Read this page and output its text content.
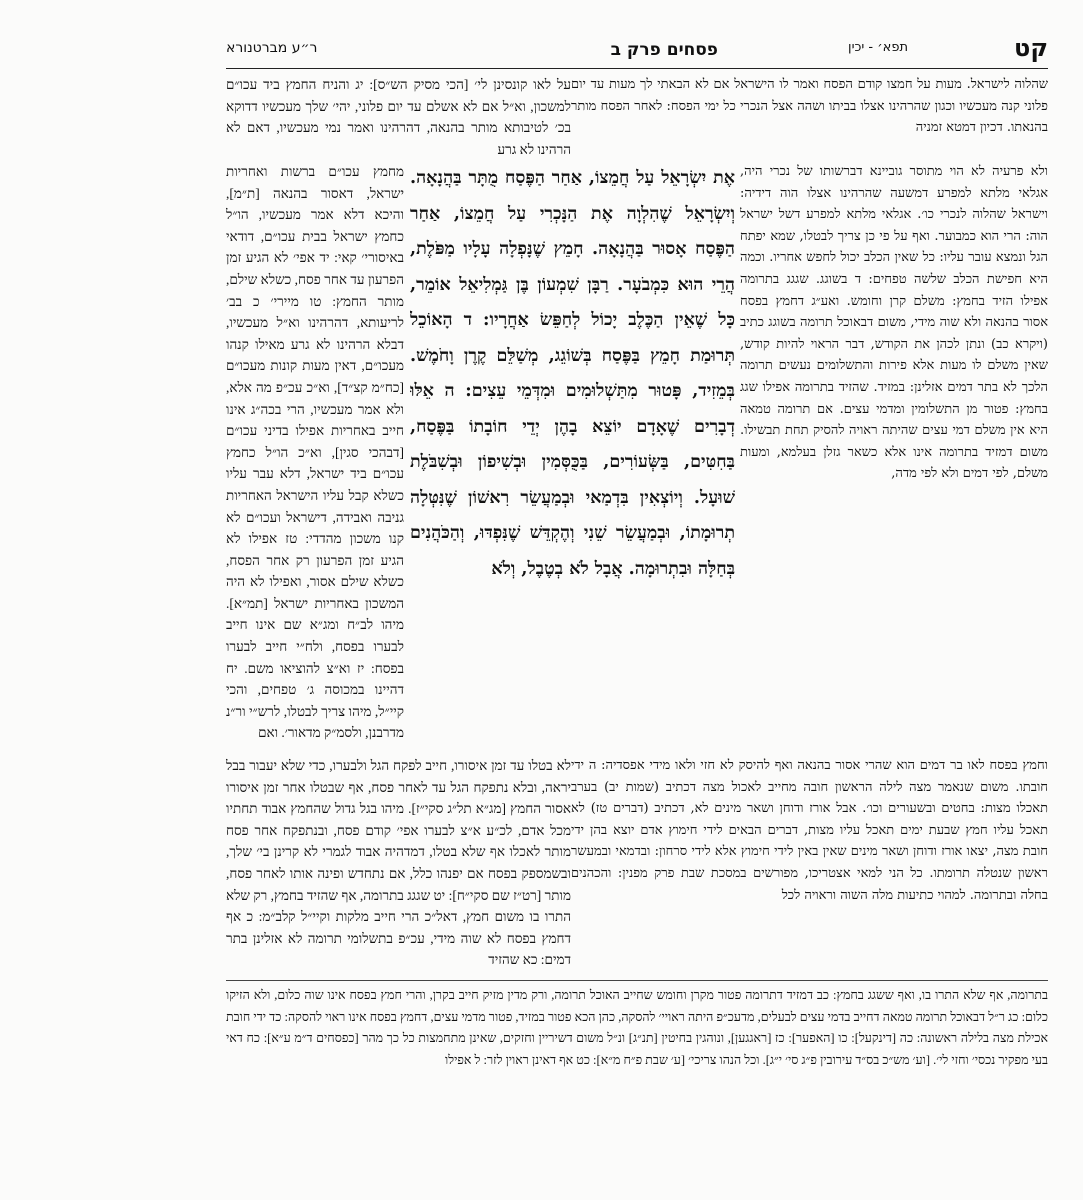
קט
תפא׳ - יכין
פסחים פרק ב
ר״ע מברטנורא
שהלוה לישראל. מעות על חמצו קודם הפסח ואמר לו הישראל אם לא הבאתי לך מעות עד יום פלוני קנה מעכשיו וכגון שהרהינו אצלו בביתו ושהה אצל הנכרי כל ימי הפסח: לאחר הפסח מותר בהנאתו. דכיון דמטא זמניה
על לאו קונסינן לי׳ [הכי מסיק הש״ס]: יג והניח החמץ ביד עכו״ם למשכון, וא״ל אם לא אשלם עד יום פלוני, יהי׳ שלך מעכשיו דדוקא בכ׳ לטיבותא מותר בהנאה, דהרהינו ואמר נמי מעכשיו, דאם לא הרהינו לא גרע
ולא פרעיה לא הוי מתוסר גוביינא דברשותו של נכרי היה, אגלאי מלתא למפרע דמשעה שהרהינו אצלו הוה דידיה: וישראל שהלוה לנכרי כו׳. אגלאי מלתא למפרע דשל ישראל הוה: הרי הוא כמבוער. ואף על פי כן צריך לבטלו, שמא יפתח הגל ונמצא עובר עליו: כל שאין הכלב יכול לחפש אחריו. וכמה היא חפישת הכלב שלשה טפחים: ד בשוגג. שגגג בתרומה אפילו הזיד בחמץ: משלם קרן וחומש. ואע״ג דחמץ בפסח אסור בהנאה ולא שוה מידי, משום דבאוכל תרומה בשוגג כתיב (ויקרא כב) ונתן לכהן את הקודש, דבר הראוי להיות קודש, שאין משלם לו מעות אלא פירות והתשלומים נעשים תרומה הלכך לא בתר דמים אזלינן: במזיד. שהזיד בתרומה אפילו שגג בחמץ: פטור מן התשלומין ומדמי עצים. אם תרומה טמאה היא אין משלם דמי עצים שהיתה ראויה להסיק תחת תבשילו. משום דמזיד בתרומה אינו אלא כשאר גזלן בעלמא, ומעות משלם, לפי דמים ולא לפי מדה,
אֶת יִשְׂרָאֵל עַל חֲמֵצוֹ, אַחַר הַפֶּסַח מֻתָּר בַּהֲנָאָה. וְיִשְׂרָאֵל שֶׁהִלְוָה אֶת הַנָּכְרִי עַל חֲמֵצוֹ, אַחַר הַפֶּסַח אָסוּר בַּהֲנָאָה. חָמֵץ שֶׁנָּפְלָה עָלָיו מַפֹּלֶת, הֲרֵי הוּא כִּמְבֹעָר. רַבָּן שִׁמְעוֹן בֶּן גַּמְלִיאֵל אוֹמֵר, כָּל שֶׁאֵין הַכֶּלֶב יָכוֹל לְחַפֵּשׂ אַחֲרָיו: ד הָאוֹכֵל תְּרוּמַת חָמֵץ בַּפֶּסַח בְּשׁוֹגֵג, מְשַׁלֵּם קֶרֶן וָחֹמֶשׁ. בְּמֵזִיד, פָּטוּר מִתַּשְׁלוּמִים וּמִדְּמֵי עֵצִים: ה אֵלּוּ דְבָרִים שֶׁאָדָם יוֹצֵא בָהֶן יְדֵי חוֹבָתוֹ בַּפֶּסַח, בַּחִטִּים, בַּשְּׂעוֹרִים, בַּכֻּסְּמִין וּבְשִׁיפוֹן וּבְשִׁבֹּלֶת שׁוּעָל. וְיוֹצְאִין בִּדְמַאי וּבְמַעֲשֵׂר רִאשׁוֹן שֶׁנִּטְּלָה תְרוּמָתוֹ, וּבְמַעֲשֵׂר שֵׁנִי וְהֶקְדֵּשׁ שֶׁנִּפְדּוּ, וְהַכֹּהֲנִים בְּחַלָּה וּבִתְרוּמָה. אֲבָל לֹא בְטֶבֶל, וְלֹא
מחמץ עכו״ם ברשות ואחריות ישראל, דאסור בהנאה [ת״מ], והיכא דלא אמר מעכשיו, הו״ל כחמץ ישראל בבית עכו״ם, דודאי באיסורי׳ קאי: יד אפי׳ לא הגיע זמן הפרעון עד אחר פסח, כשלא שילם, מותר החמץ: טו מיירי׳ כ בב׳ לריעותא, דהרהינו וא״ל מעכשיו, דבלא הרהינו לא גרע מאילו קנהו מעכו״ם, דאין מעות קונות מעכו״ם [כח״מ קצ״ד], וא״כ עכ״פ מה אלא, ולא אמר מעכשיו, הרי בכה״ג אינו חייב באחריות אפילו בדיני עכו״ם [דבהכי סגין], וא״כ הו״ל כחמץ עכו״ם ביד ישראל, דלא עבר עליו כשלא קבל עליו הישראל האחריות גניבה ואבידה, דישראל ועכו״ם לא קנו משכון מהדדי: טז אפילו לא הגיע זמן הפרעון רק אחר הפסח, כשלא שילם אסור, ואפילו לא היה המשכון באחריות ישראל [תמ״א]. מיהו לב״ח ומג״א שם אינו חייב לבערו בפסח, ולח״י חייב לבערו בפסח: יז וא״צ להוציאו משם. יח דהיינו במכוסה ג׳ טפחים, והכי קיי״ל, מיהו צריך לבטלו, לרש״י ור״נ מדרבנן, ולסמ״ק מדאור׳. ואם
וחמץ בפסח לאו בר דמים הוא שהרי אסור בהנאה ואף להיסק לא חזי ולאו מידי אפסדיה: ה ידי חובתו. משום שנאמר מצה לילה הראשון חובה מחייב לאכול מצה דכתיב (שמות יב) בערב תאכלו מצות: בחטים ובשעורים וכו׳. אבל אורז ודוחן ושאר מינים לא, דכתיב (דברים טז) לא תאכל עליו חמץ שבעת ימים תאכל עליו מצות, דברים הבאים לידי חימוץ אדם יוצא בהן ידי חובת מצה, יצאו אורז ודוחן ושאר מינים שאין באין לידי חימוץ אלא לידי סרחון: ובדמאי ובמעשר ראשון שנטלה תרומתו. כל הני למאי אצטריכו, מפורשים במסכת שבת פרק מפנין: והכהנים בחלה ובתרומה. למהוי כתיעות מלה השוה וראויה לכל
לא בטלו עד זמן איסורו, חייב לפקח הגל ולבערו, כדי שלא יעבור בבל יראה, ובלא נתפקח הגל עד לאחר פסח, אף שבטלו אחר זמן איסורו אסור החמץ [מג״א תל״ג סקי״ז]. מיהו בגל גדול שהחמץ אבוד תחתיו מכל אדם, לכ״ע א״צ לבערו אפי׳ קודם פסח, ובנתפקח אחר פסח מותר לאכלו אף שלא בטלו, דמדהיה אבוד לגמרי לא קרינן בי׳ שלך, ובשמספק בפסח אם יפנהו כלל, אם נתחדש ופינה אותו לאחר פסח, מותר [רט״ז שם סקי״ח]: יט שגגג בתרומה, אף שהזיד בחמץ, רק שלא התרו בו משום חמץ, דאל״כ הרי חייב מלקות וקיי״ל קלב״מ: כ אף דחמץ בפסח לא שוה מידי, עכ״פ בתשלומי תרומה לא אזלינן בתר דמים: כא שהזיד
בתרומה, אף שלא התרו בו, ואף ששגג בחמץ: כב דמזיד דתרומה פטור מקרן וחומש שחייב האוכל תרומה, ורק מדין מזיק חייב בקרן, והרי חמץ בפסח אינו שוה כלום, ולא הזיקו כלום: כג ר״ל דבאוכל תרומה טמאה דחייב בדמי עצים לבעלים, מדעכ״פ היתה ראויי׳ להסקה, כהן הכא פטור במזיד, פטור מדמי עצים, דחמץ בפסח אינו ראוי להסקה: כד ידי חובת אכילת מצה בלילה ראשונה: כה [דינקעל]: כו [האפער]: כז [ראגגען], ונוהגין בחיטין [תנ״ג] ונ״ל משום דשיריין וחזקים, שאינן מתחמצות כל כך מהר [כפסחים ד״מ ע״א]: כח דאי בעי מפקיר נכסי׳ וחזי לי׳. [וע׳ מש״כ בס״ד עירובין פ״ג סי׳ י״ג]. וכל הנהו צריכי׳ [ע׳ שבת פ״ח מ״א]: כט אף דאינן ראוין לזר: ל אפילו
